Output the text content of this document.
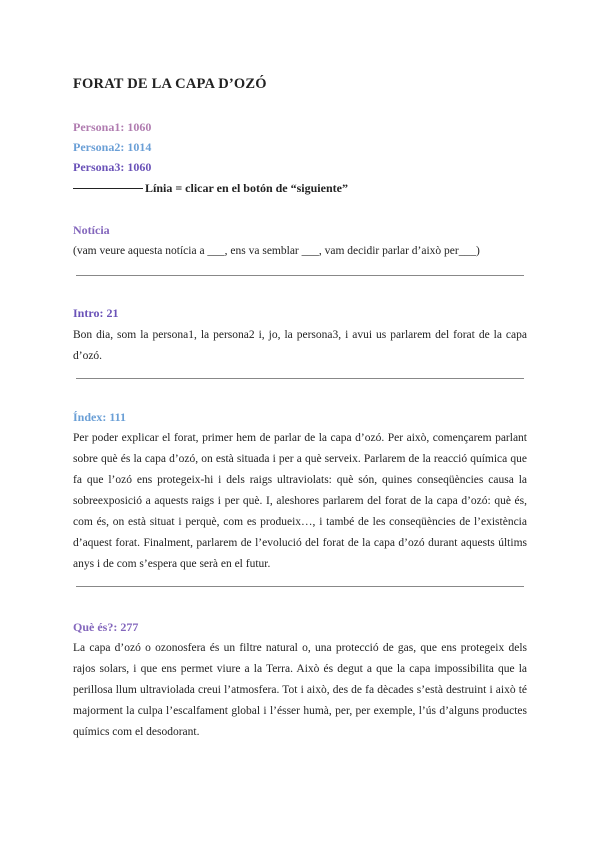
FORAT DE LA CAPA D’OZÓ
Persona1: 1060
Persona2: 1014
Persona3: 1060
Línia = clicar en el botón de “siguiente”
Notícia
(vam veure aquesta notícia a ___, ens va semblar ___, vam decidir parlar d’això per___)
Intro: 21
Bon dia, som la persona1, la persona2 i, jo, la persona3, i avui us parlarem del forat de la capa d’ozó.
Índex: 111
Per poder explicar el forat, primer hem de parlar de la capa d’ozó. Per això, començarem parlant sobre què és la capa d’ozó, on està situada i per a què serveix. Parlarem de la reacció química que fa que l’ozó ens protegeix-hi i dels raigs ultraviolats: què són, quines conseqüències causa la sobreexposició a aquests raigs i per què. I, aleshores parlarem del forat de la capa d’ozó: què és, com és, on està situat i perquè, com es produeix…, i també de les conseqüències de l’existència d’aquest forat. Finalment, parlarem de l’evolució del forat de la capa d’ozó durant aquests últims anys i de com s’espera que serà en el futur.
Què és?: 277
La capa d’ozó o ozonosfera és un filtre natural o, una protecció de gas, que ens protegeix dels rajos solars, i que ens permet viure a la Terra. Això és degut a que la capa impossibilita que la perillosa llum ultraviolada creui l’atmosfera. Tot i això, des de fa dècades s’està destruint i això té majorment la culpa l’escalfament global i l’ésser humà, per, per exemple, l’ús d’alguns productes químics com el desodorant.
